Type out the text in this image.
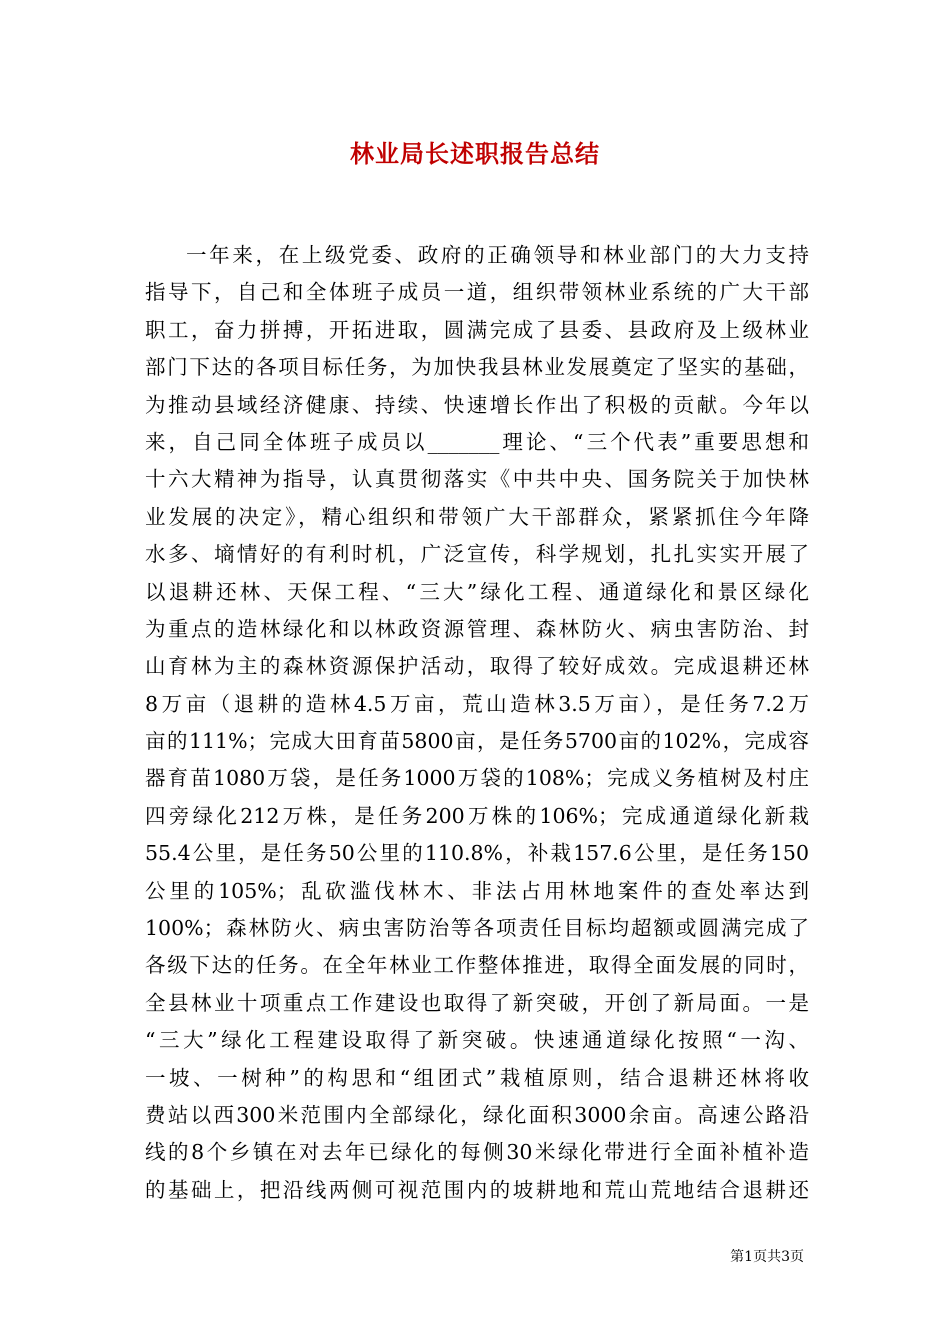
林业局长述职报告总结
一年来，在上级党委、政府的正确领导和林业部门的大力支持
指导下，自己和全体班子成员一道，组织带领林业系统的广大干部
职工，奋力拼搏，开拓进取，圆满完成了县委、县政府及上级林业
部门下达的各项目标任务，为加快我县林业发展奠定了坚实的基础，
为推动县域经济健康、持续、快速增长作出了积极的贡献。今年以
来，自己同全体班子成员以_______理论、“三个代表”重要思想和
十六大精神为指导，认真贯彻落实《中共中央、国务院关于加快林
业发展的决定》，精心组织和带领广大干部群众，紧紧抓住今年降
水多、墒情好的有利时机，广泛宣传，科学规划，扎扎实实开展了
以退耕还林、天保工程、“三大”绿化工程、通道绿化和景区绿化
为重点的造林绿化和以林政资源管理、森林防火、病虫害防治、封
山育林为主的森林资源保护活动，取得了较好成效。完成退耕还林
8万亩（退耕的造林4.5万亩，荒山造林3.5万亩），是任务7.2万
亩的111%；完成大田育苗5800亩，是任务5700亩的102%，完成容
器育苗1080万袋，是任务1000万袋的108%；完成义务植树及村庄
四旁绿化212万株，是任务200万株的106%；完成通道绿化新栽
55.4公里，是任务50公里的110.8%，补栽157.6公里，是任务150
公里的105%；乱砍滥伐林木、非法占用林地案件的查处率达到
100%；森林防火、病虫害防治等各项责任目标均超额或圆满完成了
各级下达的任务。在全年林业工作整体推进，取得全面发展的同时，
全县林业十项重点工作建设也取得了新突破，开创了新局面。一是
“三大”绿化工程建设取得了新突破。快速通道绿化按照“一沟、
一坡、一树种”的构思和“组团式”栽植原则，结合退耕还林将收
费站以西300米范围内全部绿化，绿化面积3000余亩。高速公路沿
线的8个乡镇在对去年已绿化的每侧30米绿化带进行全面补植补造
的基础上，把沿线两侧可视范围内的坡耕地和荒山荒地结合退耕还
第1页共3页
